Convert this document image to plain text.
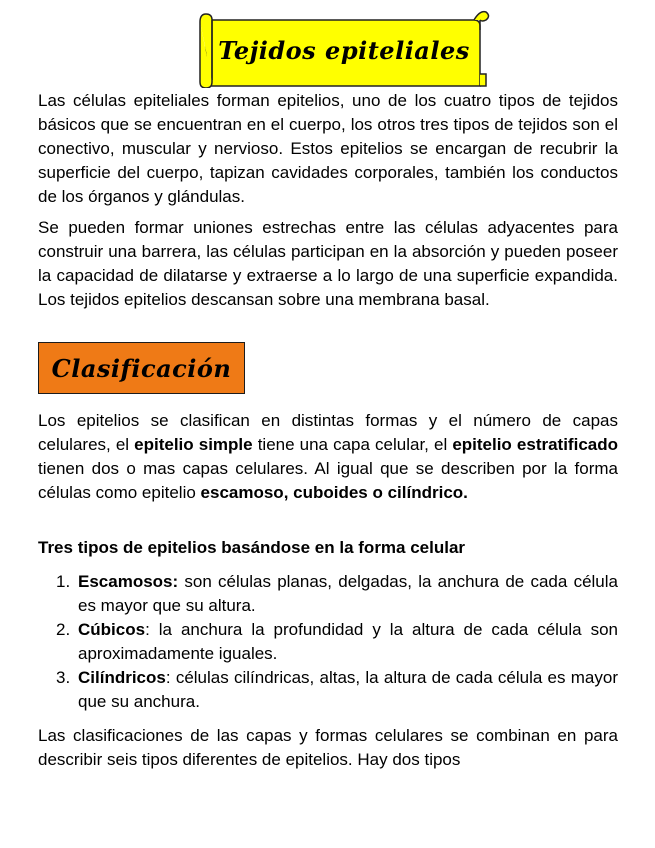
Tejidos epiteliales

Las células epiteliales forman epitelios, uno de los cuatro tipos de tejidos básicos que se encuentran en el cuerpo, los otros tres tipos de tejidos son el conectivo, muscular y nervioso. Estos epitelios se encargan de recubrir la superficie del cuerpo, tapizan cavidades corporales, también los conductos de los órganos y glándulas.

Se pueden formar uniones estrechas entre las células adyacentes para construir una barrera, las células participan en la absorción y pueden poseer la capacidad de dilatarse y extraerse a lo largo de una superficie expandida. Los tejidos epitelios descansan sobre una membrana basal.

Clasificación

Los epitelios se clasifican en distintas formas y el número de capas celulares, el epitelio simple tiene una capa celular, el epitelio estratificado tienen dos o mas capas celulares. Al igual que se describen por la forma células como epitelio escamoso, cuboides o cilíndrico.

Tres tipos de epitelios basándose en la forma celular

1. Escamosos: son células planas, delgadas, la anchura de cada célula es mayor que su altura.
2. Cúbicos: la anchura la profundidad y la altura de cada célula son aproximadamente iguales.
3. Cilíndricos: células cilíndricas, altas, la altura de cada célula es mayor que su anchura.

Las clasificaciones de las capas y formas celulares se combinan en para describir seis tipos diferentes de epitelios. Hay dos tipos
